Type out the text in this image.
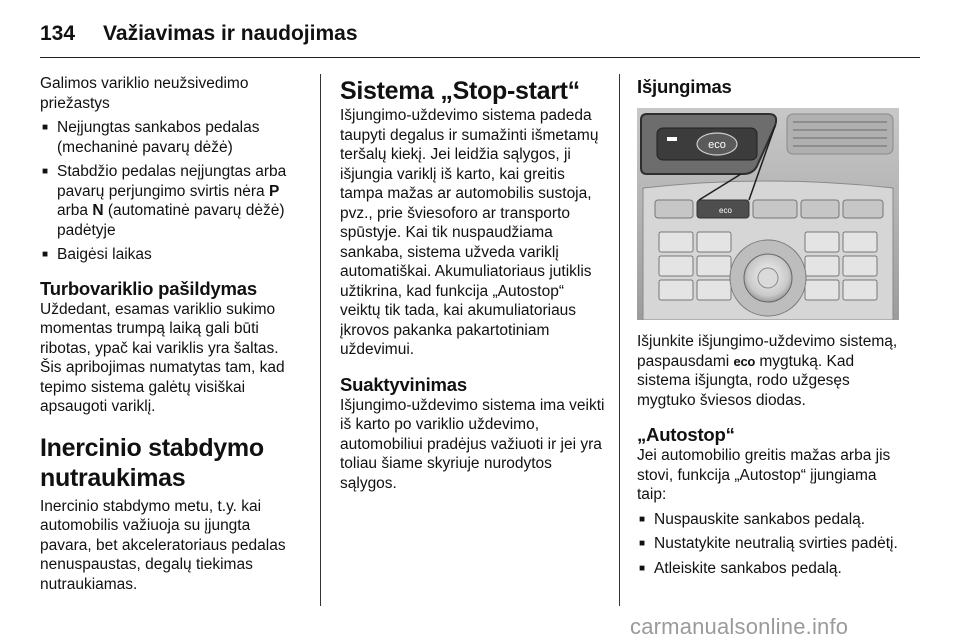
134 Važiavimas ir naudojimas

Galimos variklio neužsivedimo
priežastys

■ Neįjungtas sankabos pedalas (mechaninė pavarų dėžė)
■ Stabdžio pedalas neįjungtas arba pavarų perjungimo svirtis nėra P arba N (automatinė pavarų dėžė) padėtyje
■ Baigėsi laikas
Turbovariklio pašildymas

Uždedant, esamas variklio sukimo momentas trumpą laiką gali būti ribotas, ypač kai variklis yra šaltas. Šis apribojimas numatytas tam, kad tepimo sistema galėtų visiškai apsaugoti variklį.

Inercinio stabdymo
nutraukimas

Inercinio stabdymo metu, t.y. kai automobilis važiuoja su įjungta pavara, bet akceleratoriaus pedalas nenuspaustas, degalų tiekimas nutraukiamas.

Sistema „Stop-start“

Išjungimo-uždevimo sistema padeda taupyti degalus ir sumažinti išmetamų teršalų kiekį. Jei leidžia sąlygos, ji išjungia variklį iš karto, kai greitis tampa mažas ar automobilis sustoja, pvz., prie šviesoforo ar transporto spūstyje. Kai tik nuspaudžiama sankaba, sistema užveda variklį automatiškai. Akumuliatoriaus jutiklis užtikrina, kad funkcija „Autostop“ veiktų tik tada, kai akumuliatoriaus įkrovos pakanka pakartotiniam uždevimui.

Suaktyvinimas

Išjungimo-uždevimo sistema ima veikti iš karto po variklio uždevimo, automobiliui pradėjus važiuoti ir jei yra toliau šiame skyriuje nurodytos sąlygos.

Išjungimas
eco
eco

Išjunkite išjungimo-uždevimo sistemą, paspausdami eco mygtuką. Kad sistema išjungta, rodo užgesęs mygtuko šviesos diodas.

„Autostop“

Jei automobilio greitis mažas arba jis stovi, funkcija „Autostop“ įjungiama taip:

■ Nuspauskite sankabos pedalą.
■ Nustatykite neutralią svirties padėtį.
■ Atleiskite sankabos pedalą.
carmanualsonline.info
